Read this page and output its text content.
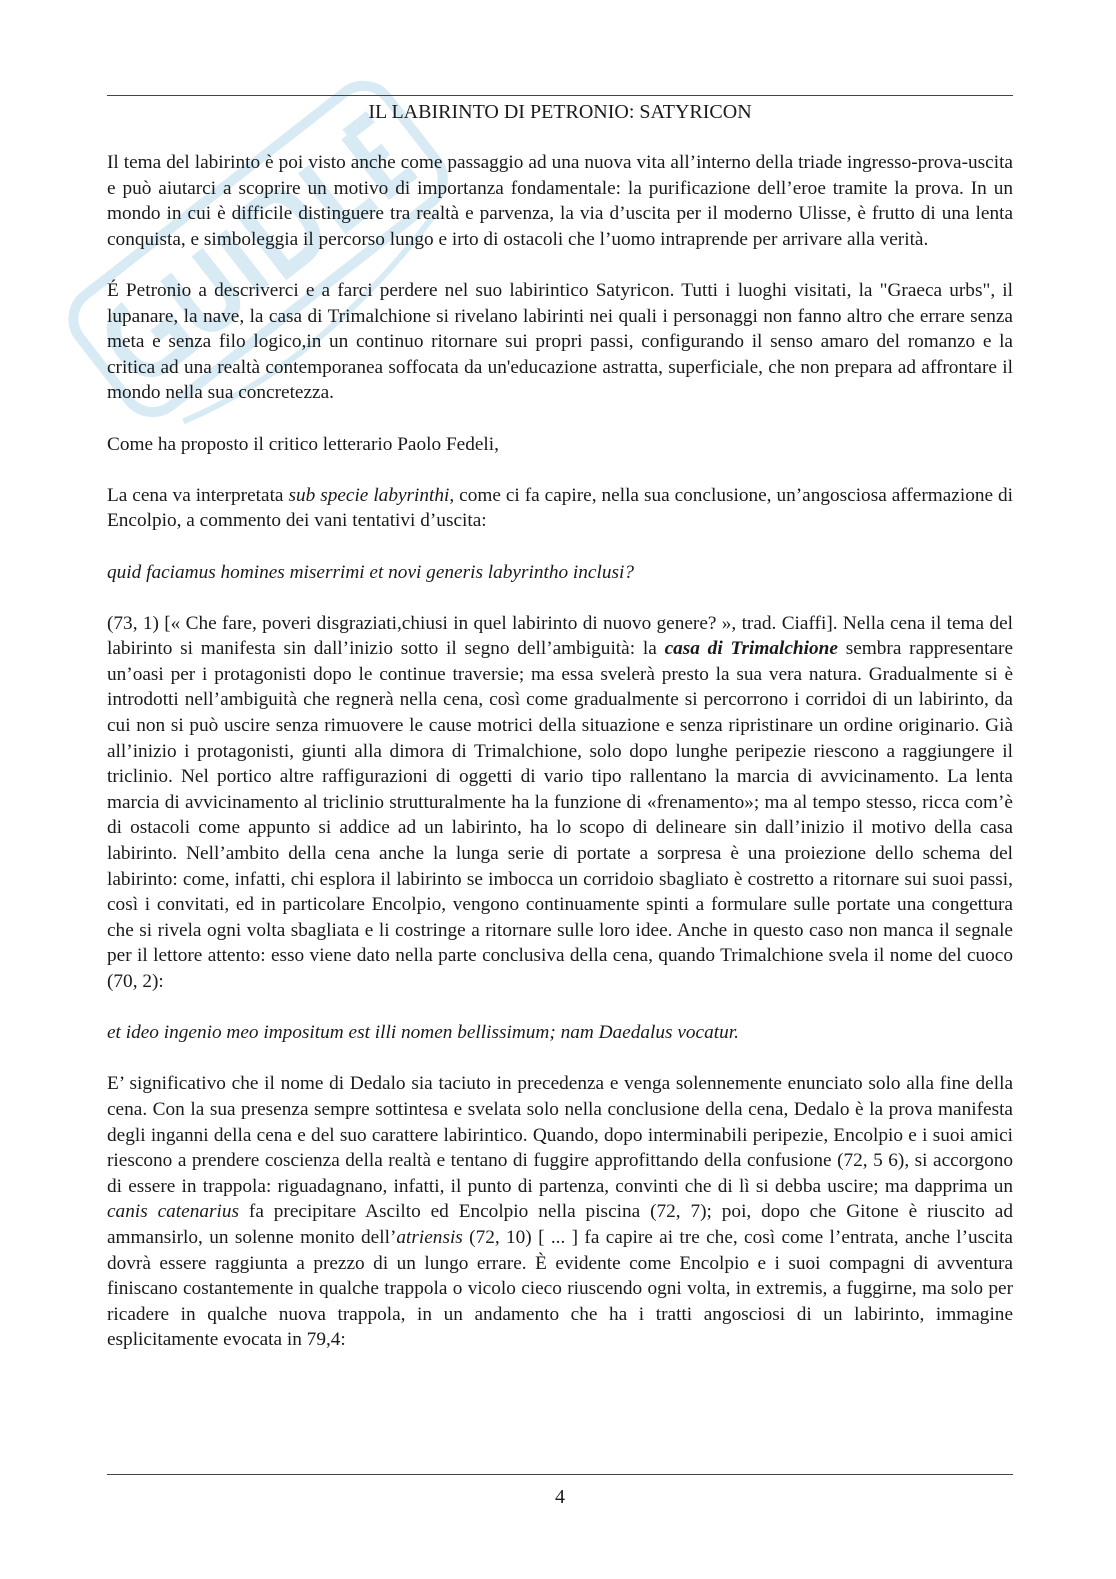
IL LABIRINTO DI PETRONIO: SATYRICON

Il tema del labirinto è poi visto anche come passaggio ad una nuova vita all’interno della triade ingresso-prova-uscita e può aiutarci a scoprire un motivo di importanza fondamentale: la purificazione dell’eroe tramite la prova. In un mondo in cui è difficile distinguere tra realtà e parvenza, la via d’uscita per il moderno Ulisse, è frutto di una lenta conquista, e simboleggia il percorso lungo e irto di ostacoli che l’uomo intraprende per arrivare alla verità.

É Petronio a descriverci e a farci perdere nel suo labirintico Satyricon. Tutti i luoghi visitati, la "Graeca urbs", il lupanare, la nave, la casa di Trimalchione si rivelano labirinti nei quali i personaggi non fanno altro che errare senza meta e senza filo logico,in un continuo ritornare sui propri passi, configurando il senso amaro del romanzo e la critica ad una realtà contemporanea soffocata da un'educazione astratta, superficiale, che non prepara ad affrontare il mondo nella sua concretezza.

Come ha proposto il critico letterario Paolo Fedeli,

La cena va interpretata sub specie labyrinthi, come ci fa capire, nella sua conclusione, un’angosciosa affermazione di Encolpio, a commento dei vani tentativi d’uscita:

quid faciamus homines miserrimi et novi generis labyrintho inclusi?

(73, 1) [« Che fare, poveri disgraziati,chiusi in quel labirinto di nuovo genere? », trad. Ciaffi]. Nella cena il tema del labirinto si manifesta sin dall’inizio sotto il segno dell’ambiguità: la casa di Trimalchione sembra rappresentare un’oasi per i protagonisti dopo le continue traversie; ma essa svelerà presto la sua vera natura. Gradualmente si è introdotti nell’ambiguità che regnerà nella cena, così come gradualmente si percorrono i corridoi di un labirinto, da cui non si può uscire senza rimuovere le cause motrici della situazione e senza ripristinare un ordine originario. Già all’inizio i protagonisti, giunti alla dimora di Trimalchione, solo dopo lunghe peripezie riescono a raggiungere il triclinio. Nel portico altre raffigurazioni di oggetti di vario tipo rallentano la marcia di avvicinamento. La lenta marcia di avvicinamento al triclinio strutturalmente ha la funzione di «frenamento»; ma al tempo stesso, ricca com’è di ostacoli come appunto si addice ad un labirinto, ha lo scopo di delineare sin dall’inizio il motivo della casa labirinto. Nell’ambito della cena anche la lunga serie di portate a sorpresa è una proiezione dello schema del labirinto: come, infatti, chi esplora il labirinto se imbocca un corridoio sbagliato è costretto a ritornare sui suoi passi, così i convitati, ed in particolare Encolpio, vengono continuamente spinti a formulare sulle portate una congettura che si rivela ogni volta sbagliata e li costringe a ritornare sulle loro idee. Anche in questo caso non manca il segnale per il lettore attento: esso viene dato nella parte conclusiva della cena, quando Trimalchione svela il nome del cuoco (70, 2):

et ideo ingenio meo impositum est illi nomen bellissimum; nam Daedalus vocatur.

E’ significativo che il nome di Dedalo sia taciuto in precedenza e venga solennemente enunciato solo alla fine della cena. Con la sua presenza sempre sottintesa e svelata solo nella conclusione della cena, Dedalo è la prova manifesta degli inganni della cena e del suo carattere labirintico. Quando, dopo interminabili peripezie, Encolpio e i suoi amici riescono a prendere coscienza della realtà e tentano di fuggire approfittando della confusione (72, 5 6), si accorgono di essere in trappola: riguadagnano, infatti, il punto di partenza, convinti che di lì si debba uscire; ma dapprima un canis catenarius fa precipitare Ascilto ed Encolpio nella piscina (72, 7); poi, dopo che Gitone è riuscito ad ammansirlo, un solenne monito dell’atriensis (72, 10) [ ... ] fa capire ai tre che, così come l’entrata, anche l’uscita dovrà essere raggiunta a prezzo di un lungo errare. È evidente come Encolpio e i suoi compagni di avventura finiscano costantemente in qualche trappola o vicolo cieco riuscendo ogni volta, in extremis, a fuggirne, ma solo per ricadere in qualche nuova trappola, in un andamento che ha i tratti angosciosi di un labirinto, immagine esplicitamente evocata in 79,4:

4
